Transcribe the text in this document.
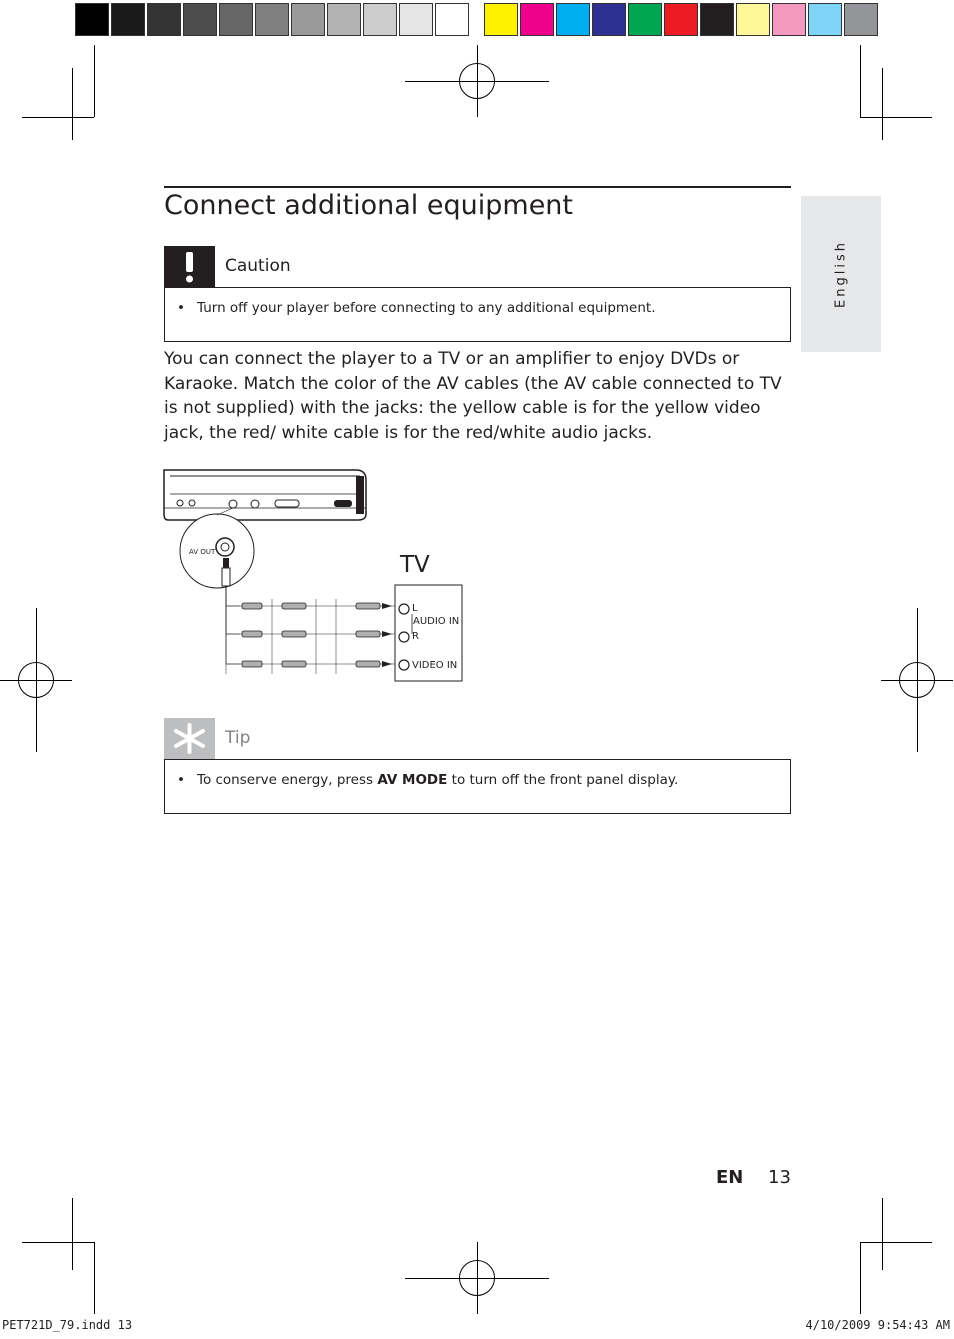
English
Connect additional equipment
Caution
• Turn off your player before connecting to any additional equipment.
You can connect the player to a TV or an amplifier to enjoy DVDs or Karaoke. Match the color of the AV cables (the AV cable connected to TV is not supplied) with the jacks: the yellow cable is for the yellow video jack, the red/ white cable is for the red/white audio jacks.
AV OUT	TV
L
AUDIO IN
R
VIDEO IN
Tip
• To conserve energy, press AV MODE to turn off the front panel display.
EN 13
PET721D_79.indd 13	4/10/2009 9:54:43 AM
